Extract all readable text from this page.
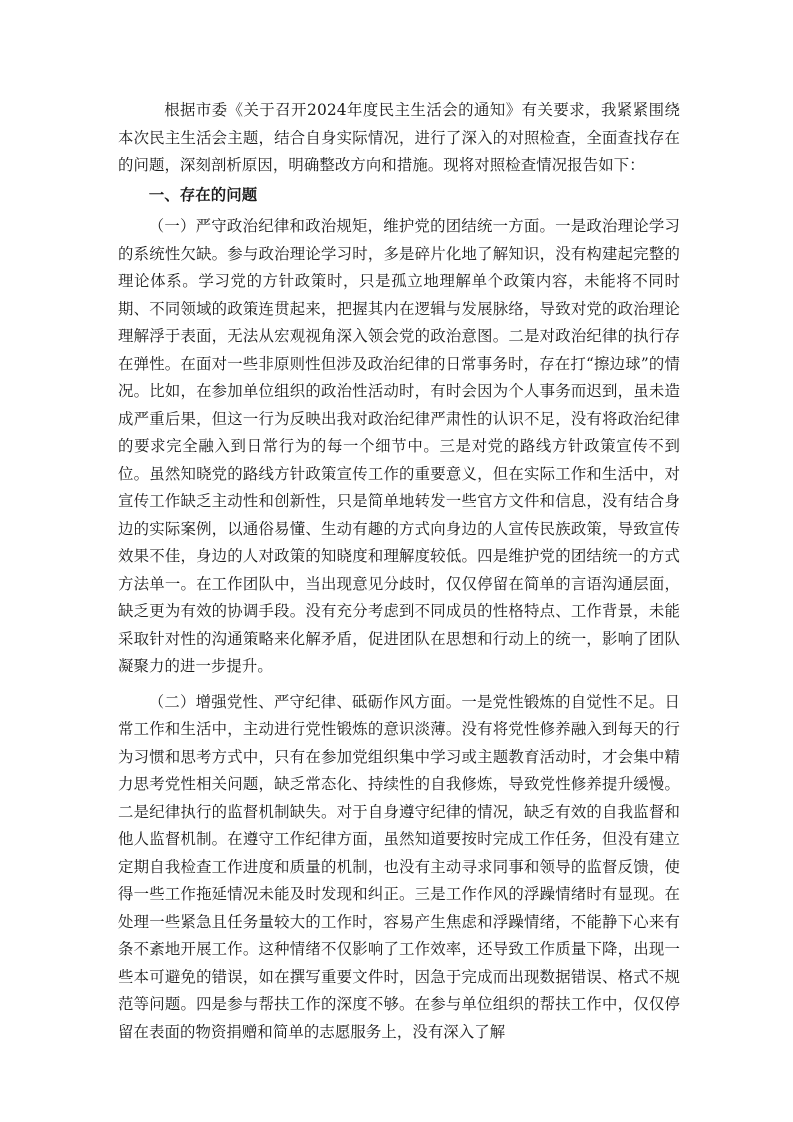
根据市委《关于召开2024年度民主生活会的通知》有关要求，我紧紧围绕本次民主生活会主题，结合自身实际情况，进行了深入的对照检查，全面查找存在的问题，深刻剖析原因，明确整改方向和措施。现将对照检查情况报告如下：

一、存在的问题

（一）严守政治纪律和政治规矩，维护党的团结统一方面。一是政治理论学习的系统性欠缺。参与政治理论学习时，多是碎片化地了解知识，没有构建起完整的理论体系。学习党的方针政策时，只是孤立地理解单个政策内容，未能将不同时期、不同领域的政策连贯起来，把握其内在逻辑与发展脉络，导致对党的政治理论理解浮于表面，无法从宏观视角深入领会党的政治意图。二是对政治纪律的执行存在弹性。在面对一些非原则性但涉及政治纪律的日常事务时，存在打“擦边球”的情况。比如，在参加单位组织的政治性活动时，有时会因为个人事务而迟到，虽未造成严重后果，但这一行为反映出我对政治纪律严肃性的认识不足，没有将政治纪律的要求完全融入到日常行为的每一个细节中。三是对党的路线方针政策宣传不到位。虽然知晓党的路线方针政策宣传工作的重要意义，但在实际工作和生活中，对宣传工作缺乏主动性和创新性，只是简单地转发一些官方文件和信息，没有结合身边的实际案例，以通俗易懂、生动有趣的方式向身边的人宣传民族政策，导致宣传效果不佳，身边的人对政策的知晓度和理解度较低。四是维护党的团结统一的方式方法单一。在工作团队中，当出现意见分歧时，仅仅停留在简单的言语沟通层面，缺乏更为有效的协调手段。没有充分考虑到不同成员的性格特点、工作背景，未能采取针对性的沟通策略来化解矛盾，促进团队在思想和行动上的统一，影响了团队凝聚力的进一步提升。

（二）增强党性、严守纪律、砥砺作风方面。一是党性锻炼的自觉性不足。日常工作和生活中，主动进行党性锻炼的意识淡薄。没有将党性修养融入到每天的行为习惯和思考方式中，只有在参加党组织集中学习或主题教育活动时，才会集中精力思考党性相关问题，缺乏常态化、持续性的自我修炼，导致党性修养提升缓慢。二是纪律执行的监督机制缺失。对于自身遵守纪律的情况，缺乏有效的自我监督和他人监督机制。在遵守工作纪律方面，虽然知道要按时完成工作任务，但没有建立定期自我检查工作进度和质量的机制，也没有主动寻求同事和领导的监督反馈，使得一些工作拖延情况未能及时发现和纠正。三是工作作风的浮躁情绪时有显现。在处理一些紧急且任务量较大的工作时，容易产生焦虑和浮躁情绪，不能静下心来有条不紊地开展工作。这种情绪不仅影响了工作效率，还导致工作质量下降，出现一些本可避免的错误，如在撰写重要文件时，因急于完成而出现数据错误、格式不规范等问题。四是参与帮扶工作的深度不够。在参与单位组织的帮扶工作中，仅仅停留在表面的物资捐赠和简单的志愿服务上，没有深入了解
